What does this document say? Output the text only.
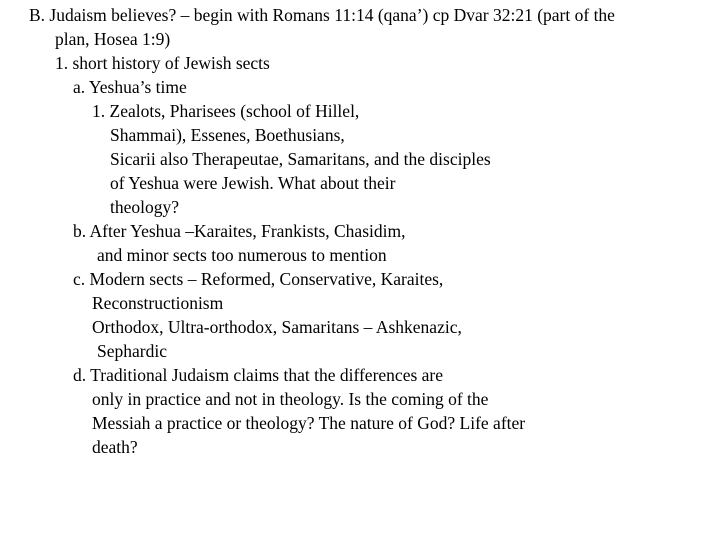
B. Judaism believes? – begin with Romans 11:14 (qana’) cp Dvar 32:21 (part of the
plan, Hosea 1:9)
1. short history of Jewish sects
a. Yeshua’s time
1. Zealots, Pharisees (school of Hillel,
Shammai), Essenes, Boethusians,
Sicarii also Therapeutae, Samaritans, and the disciples
of Yeshua were Jewish. What about their
theology?
b. After Yeshua –Karaites, Frankists, Chasidim,
and minor sects too numerous to mention
c. Modern sects – Reformed, Conservative, Karaites,
Reconstructionism
Orthodox, Ultra-orthodox, Samaritans – Ashkenazic,
Sephardic
d. Traditional Judaism claims that the differences are
only in practice and not in theology. Is the coming of the
Messiah a practice or theology? The nature of God? Life after
death?
